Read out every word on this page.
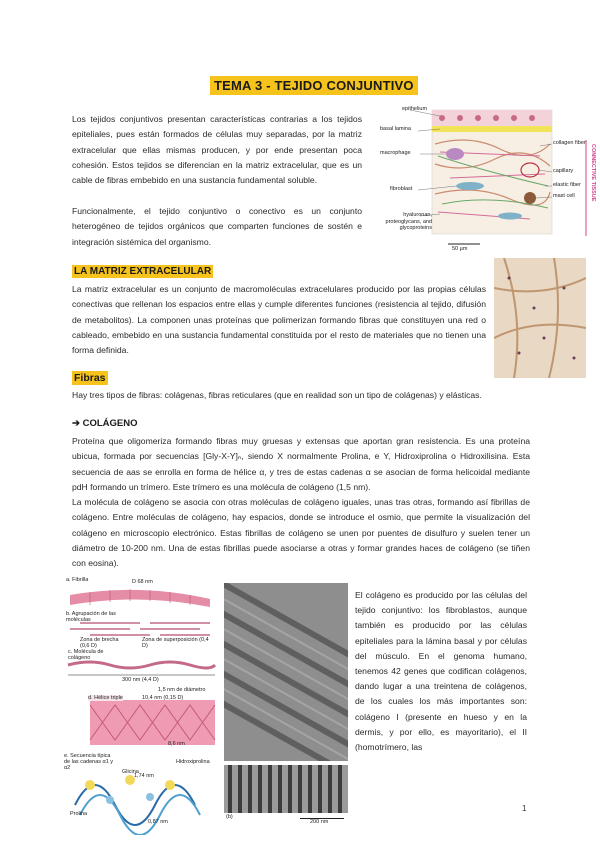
TEMA 3 - TEJIDO CONJUNTIVO
Los tejidos conjuntivos presentan características contrarias a los tejidos epiteliales, pues están formados de células muy separadas, por la matriz extracelular que ellas mismas producen, y por ende presentan poca cohesión. Estos tejidos se diferencian en la matriz extracelular, que es un cable de fibras embebido en una sustancia fundamental soluble.
Funcionalmente, el tejido conjuntivo o conectivo es un conjunto heterogéneo de tejidos orgánicos que comparten funciones de sostén e integración sistémica del organismo.
epithelium
basal lamina
macrophage
fibroblast
hyaluronan, proteoglycans, and glycoproteins
collagen fiber
capillary
elastic fiber
mast cell	CONNECTIVE TISSUE
50 µm
LA MATRIZ EXTRACELULAR
La matriz extracelular es un conjunto de macromoléculas extracelulares producido por las propias células conectivas que rellenan los espacios entre ellas y cumple diferentes funciones (resistencia al tejido, difusión de metabolitos). La componen unas proteínas que polimerizan formando fibras que constituyen una red o cableado, embebido en una sustancia fundamental constituida por el resto de materiales que no tienen una forma definida.
Fibras
Hay tres tipos de fibras: colágenas, fibras reticulares (que en realidad son un tipo de colágenas) y elásticas.
➔ COLÁGENO
Proteína que oligomeriza formando fibras muy gruesas y extensas que aportan gran resistencia. Es una proteína ubicua, formada por secuencias [Gly-X-Y]ₙ, siendo X normalmente Prolina, e Y, Hidroxiprolina o Hidroxilisina. Esta secuencia de aas se enrolla en forma de hélice α, y tres de estas cadenas α se asocian de forma helicoidal mediante pdH formando un trímero. Este trímero es una molécula de colágeno (1,5 nm).
La molécula de colágeno se asocia con otras moléculas de colágeno iguales, unas tras otras, formando así fibrillas de colágeno. Entre moléculas de colágeno, hay espacios, donde se introduce el osmio, que permite la visualización del colágeno en microscopio electrónico. Estas fibrillas de colágeno se unen por puentes de disulfuro y suelen tener un diámetro de 10-200 nm. Una de estas fibrillas puede asociarse a otras y formar grandes haces de colágeno (se tiñen con eosina).
a. Fibrilla	D 68 nm
b. Agrupación de las moléculas
Zona de brecha (0,6 D)
Zona de superposición (0,4 D)
c. Molécula de colágeno
300 nm (4,4 D)
1,5 nm de diámetro
d. Hélice triple	10,4 nm (0,15 D)
8,6 nm
e. Secuencia típica de las cadenas α1 y α2
Glicina
Hidroxiprolina
Prolina
1,74 nm
0,87 nm
(b)
200 nm
El colágeno es producido por las células del tejido conjuntivo: los fibroblastos, aunque también es producido por las células epiteliales para la lámina basal y por células del músculo. En el genoma humano, tenemos 42 genes que codifican colágenos, dando lugar a una treintena de colágenos, de los cuales los más importantes son: colágeno I (presente en hueso y en la dermis, y por ello, es mayoritario), el II (homotrímero, las
1
